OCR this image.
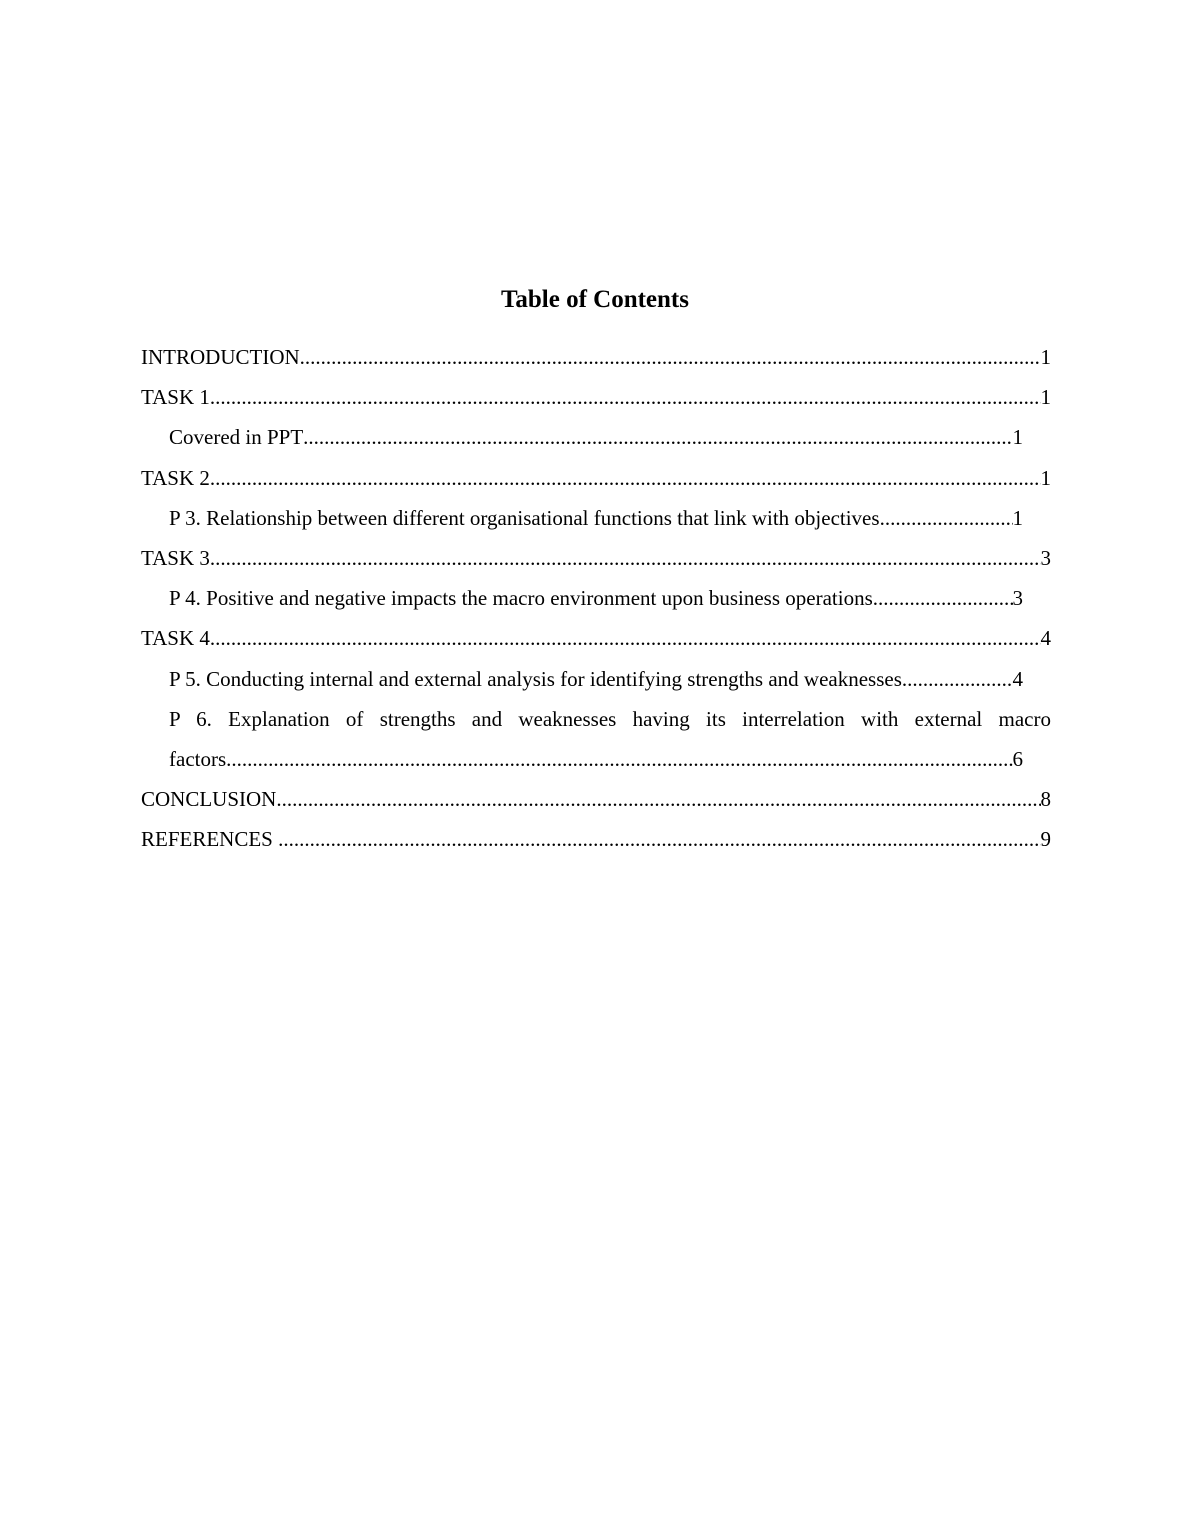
Table of Contents
INTRODUCTION .....	1
TASK 1 .....	1
Covered in PPT .....	1
TASK 2 .....	1
P 3. Relationship between different organisational functions that link with objectives .....	1
TASK 3 .....	3
P 4. Positive and negative impacts the macro environment upon business operations .....	3
TASK 4 .....	4
P 5. Conducting internal and external analysis for identifying strengths and weaknesses. .....	4
P 6. Explanation of strengths and weaknesses having its interrelation with external macro
factors .....	6
CONCLUSION .....	8
REFERENCES .....	9
